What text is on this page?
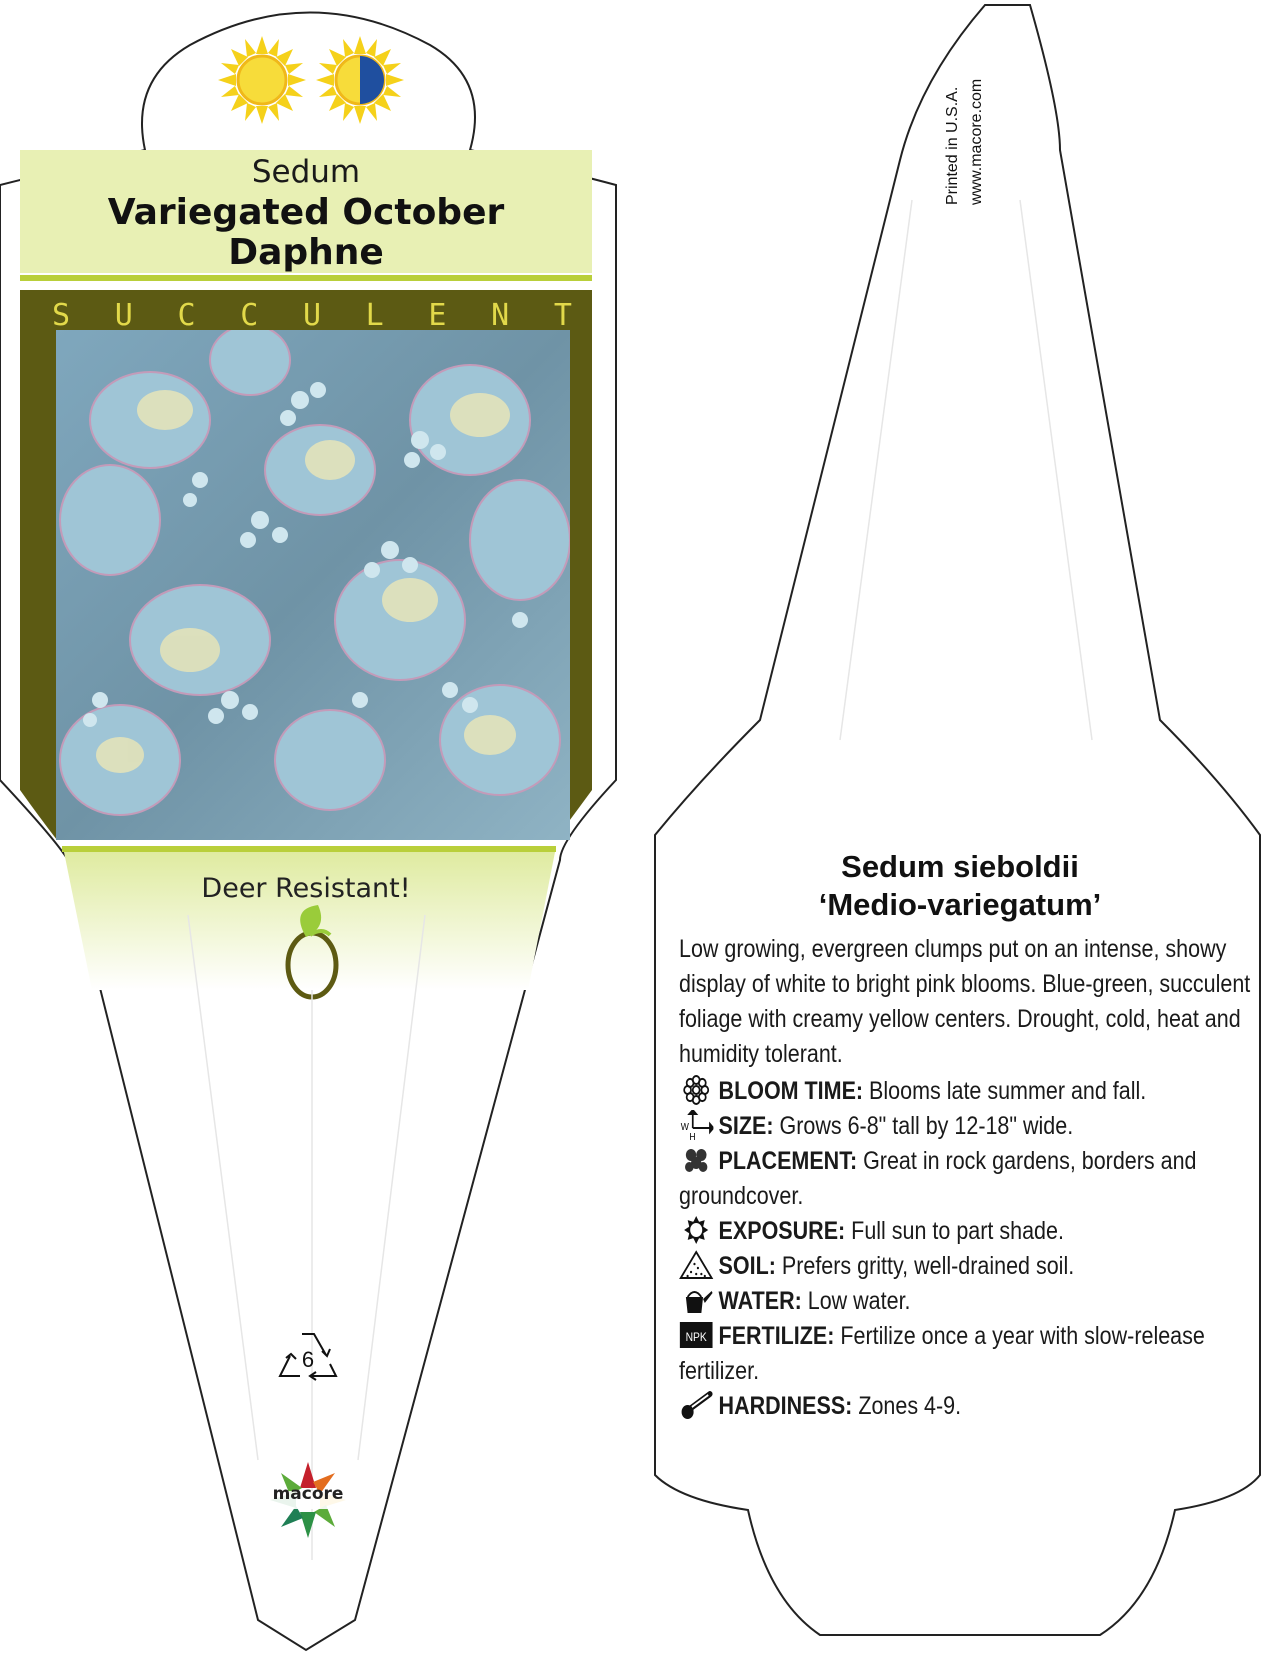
Sedum
Variegated October
Daphne
S U C C U L E N T
Deer Resistant!
6
macore
Printed in U.S.A. www.macore.com
Sedum sieboldii
‘Medio-variegatum’
Low growing, evergreen clumps put on an intense, showy display of white to bright pink blooms. Blue-green, succulent foliage with creamy yellow centers. Drought, cold, heat and humidity tolerant.
BLOOM TIME: Blooms late summer and fall.
W
H SIZE: Grows 6-8" tall by 12-18" wide.
PLACEMENT: Great in rock gardens, borders and groundcover.
EXPOSURE: Full sun to part shade.
SOIL: Prefers gritty, well-drained soil.
WATER: Low water.
NPK FERTILIZE: Fertilize once a year with slow-release fertilizer.
HARDINESS: Zones 4-9.
